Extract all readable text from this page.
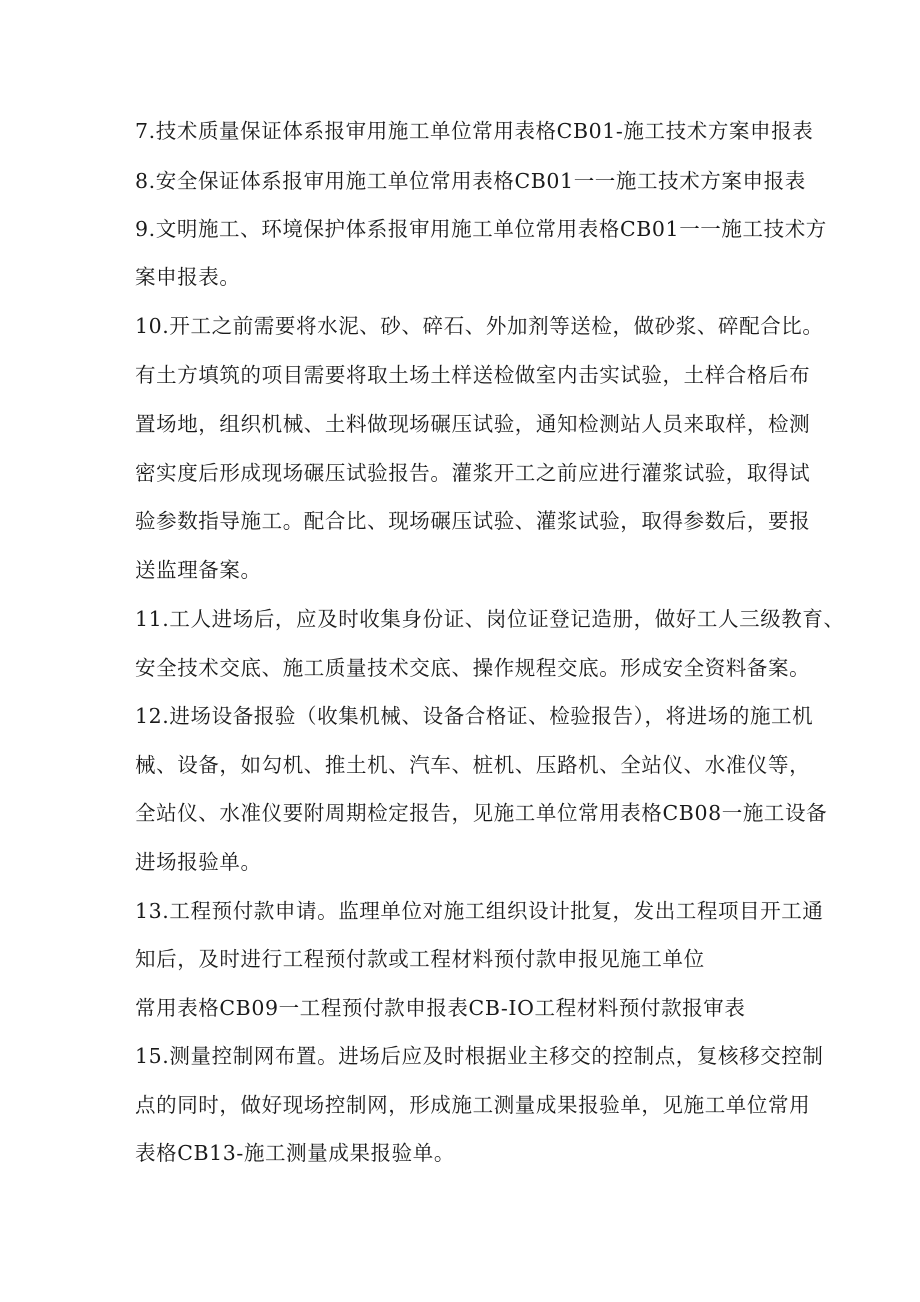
7.技术质量保证体系报审用施工单位常用表格CB01-施工技术方案申报表
8.安全保证体系报审用施工单位常用表格CB01一一施工技术方案申报表
9.文明施工、环境保护体系报审用施工单位常用表格CB01一一施工技术方
案申报表。
10.开工之前需要将水泥、砂、碎石、外加剂等送检，做砂浆、碎配合比。
有土方填筑的项目需要将取土场土样送检做室内击实试验，土样合格后布
置场地，组织机械、土料做现场碾压试验，通知检测站人员来取样，检测
密实度后形成现场碾压试验报告。灌浆开工之前应进行灌浆试验，取得试
验参数指导施工。配合比、现场碾压试验、灌浆试验，取得参数后，要报
送监理备案。
11.工人进场后，应及时收集身份证、岗位证登记造册，做好工人三级教育、
安全技术交底、施工质量技术交底、操作规程交底。形成安全资料备案。
12.进场设备报验（收集机械、设备合格证、检验报告），将进场的施工机
械、设备，如勾机、推土机、汽车、桩机、压路机、全站仪、水准仪等，
全站仪、水准仪要附周期检定报告，见施工单位常用表格CB08一施工设备
进场报验单。
13.工程预付款申请。监理单位对施工组织设计批复，发出工程项目开工通
知后，及时进行工程预付款或工程材料预付款申报见施工单位
常用表格CB09一工程预付款申报表CB-IO工程材料预付款报审表
15.测量控制网布置。进场后应及时根据业主移交的控制点，复核移交控制
点的同时，做好现场控制网，形成施工测量成果报验单，见施工单位常用
表格CB13-施工测量成果报验单。
